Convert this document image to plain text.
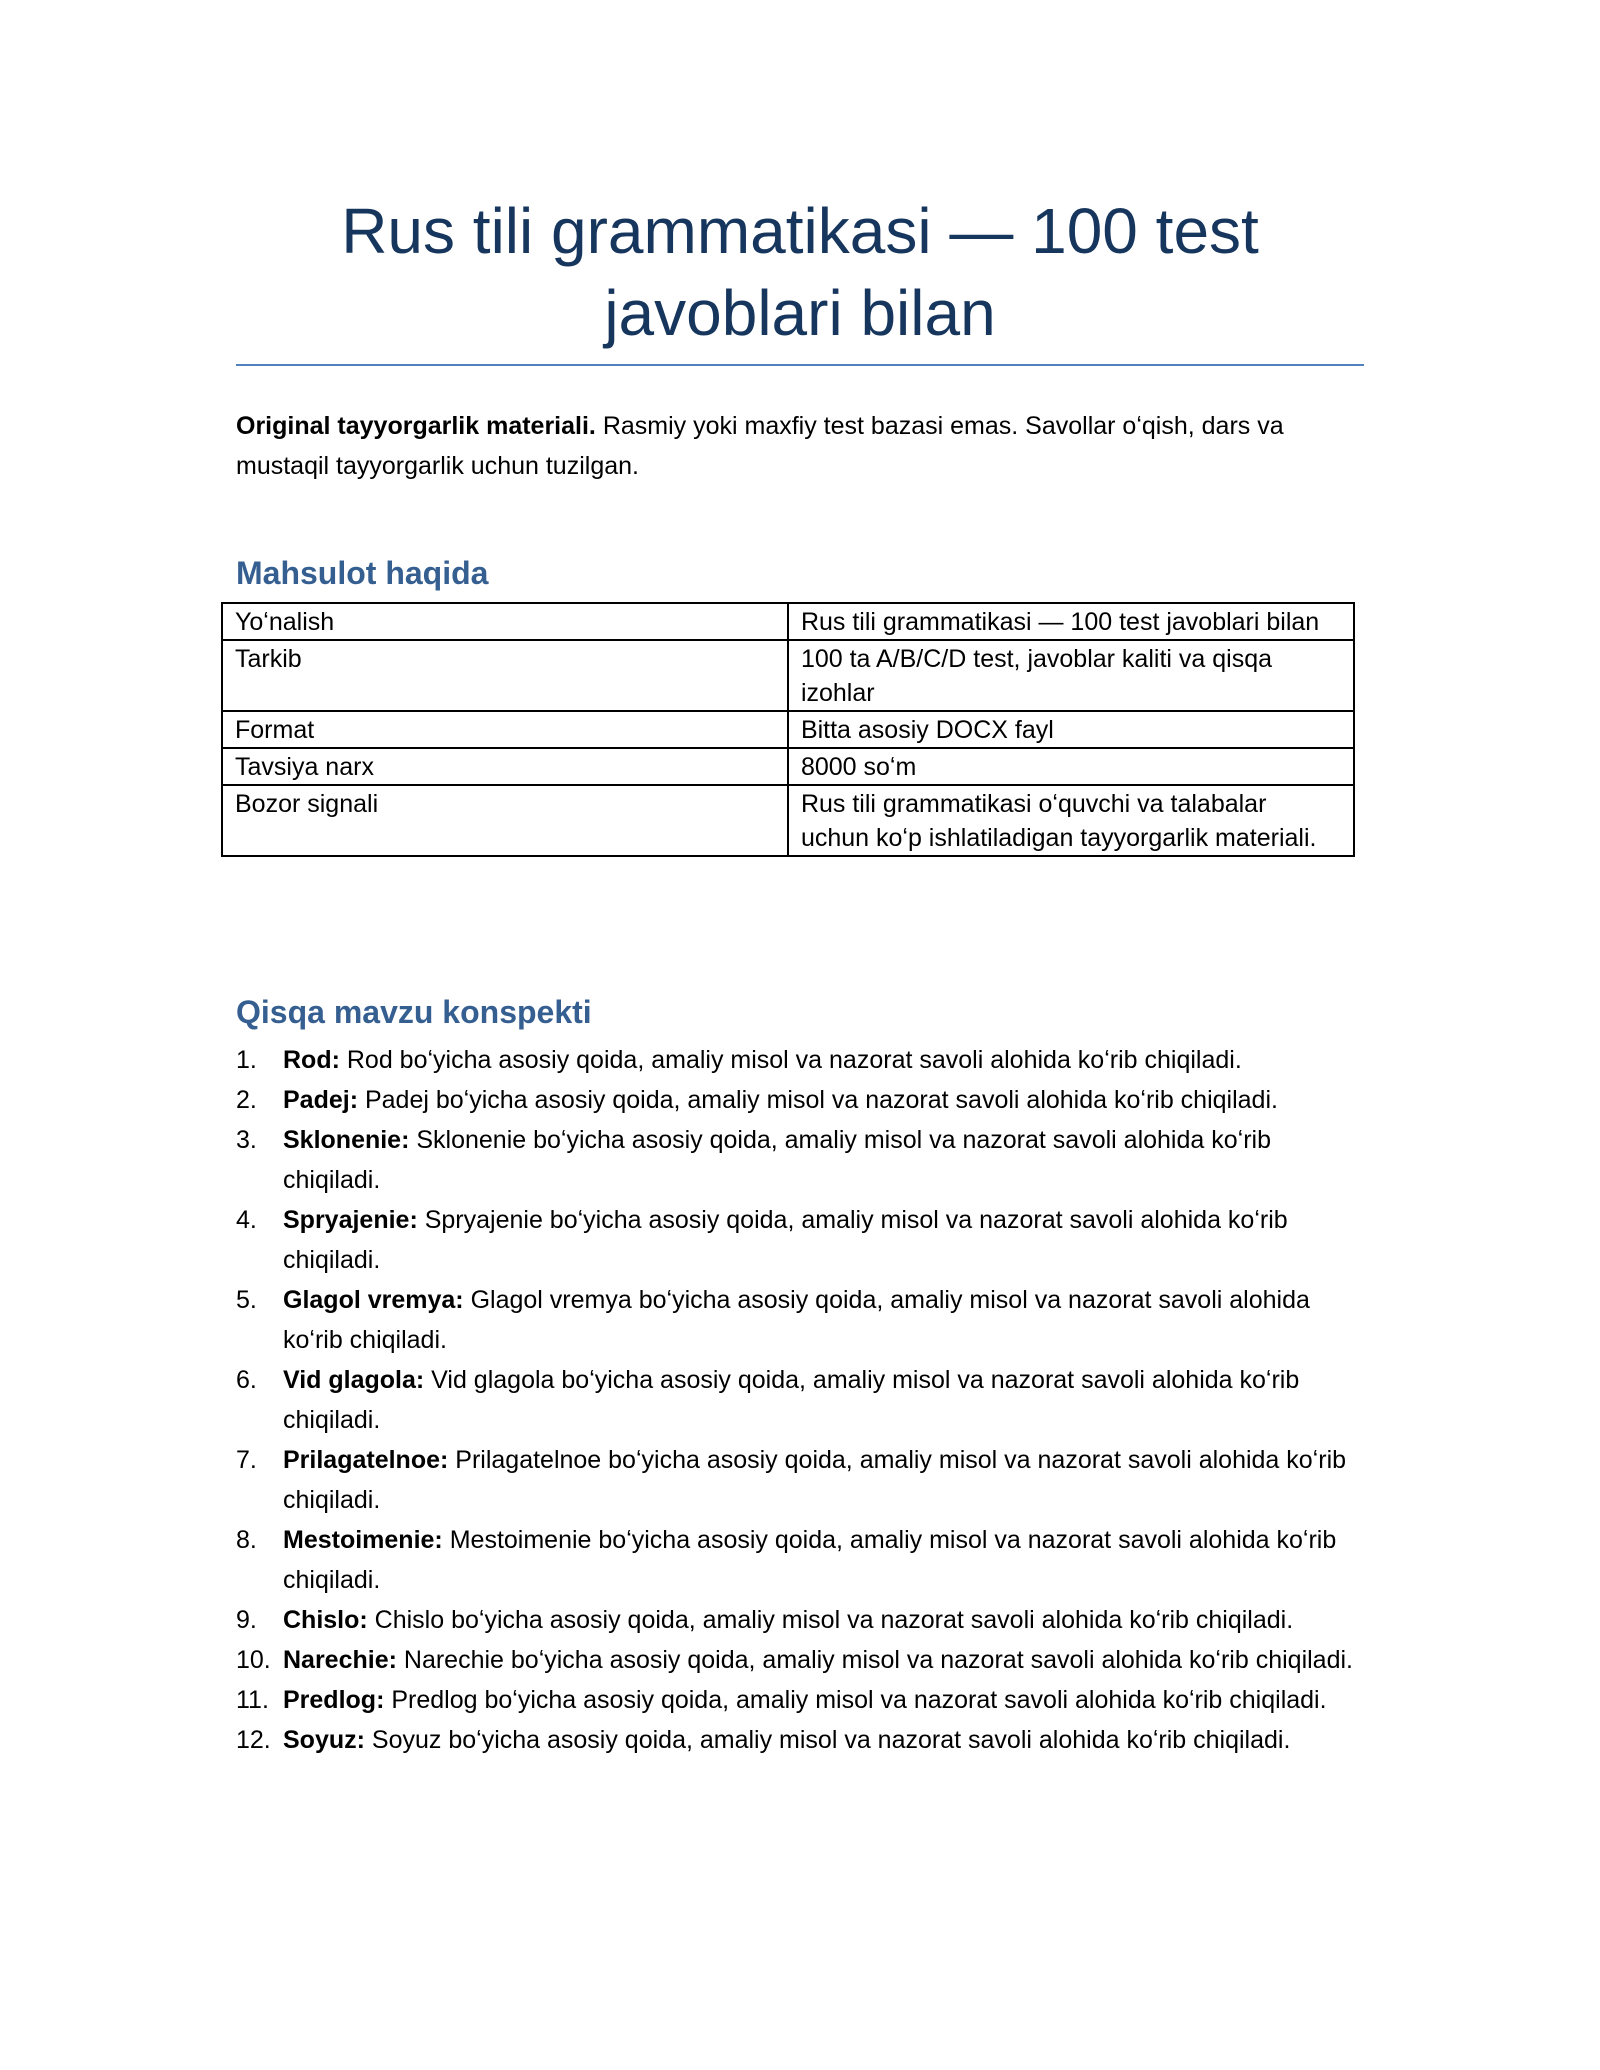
Rus tili grammatikasi — 100 test javoblari bilan

Original tayyorgarlik materiali. Rasmiy yoki maxfiy test bazasi emas. Savollar oʻqish, dars va mustaqil tayyorgarlik uchun tuzilgan.

Mahsulot haqida
Yoʻnalish	Rus tili grammatikasi — 100 test javoblari bilan
Tarkib	100 ta A/B/C/D test, javoblar kaliti va qisqa izohlar
Format	Bitta asosiy DOCX fayl
Tavsiya narx	8000 soʻm
Bozor signali	Rus tili grammatikasi oʻquvchi va talabalar uchun koʻp ishlatiladigan tayyorgarlik materiali.
Qisqa mavzu konspekti
1. Rod: Rod boʻyicha asosiy qoida, amaliy misol va nazorat savoli alohida koʻrib chiqiladi.
2. Padej: Padej boʻyicha asosiy qoida, amaliy misol va nazorat savoli alohida koʻrib chiqiladi.
3. Sklonenie: Sklonenie boʻyicha asosiy qoida, amaliy misol va nazorat savoli alohida koʻrib chiqiladi.
4. Spryajenie: Spryajenie boʻyicha asosiy qoida, amaliy misol va nazorat savoli alohida koʻrib chiqiladi.
5. Glagol vremya: Glagol vremya boʻyicha asosiy qoida, amaliy misol va nazorat savoli alohida koʻrib chiqiladi.
6. Vid glagola: Vid glagola boʻyicha asosiy qoida, amaliy misol va nazorat savoli alohida koʻrib chiqiladi.
7. Prilagatelnoe: Prilagatelnoe boʻyicha asosiy qoida, amaliy misol va nazorat savoli alohida koʻrib chiqiladi.
8. Mestoimenie: Mestoimenie boʻyicha asosiy qoida, amaliy misol va nazorat savoli alohida koʻrib chiqiladi.
9. Chislo: Chislo boʻyicha asosiy qoida, amaliy misol va nazorat savoli alohida koʻrib chiqiladi.
10. Narechie: Narechie boʻyicha asosiy qoida, amaliy misol va nazorat savoli alohida koʻrib chiqiladi.
11. Predlog: Predlog boʻyicha asosiy qoida, amaliy misol va nazorat savoli alohida koʻrib chiqiladi.
12. Soyuz: Soyuz boʻyicha asosiy qoida, amaliy misol va nazorat savoli alohida koʻrib chiqiladi.
